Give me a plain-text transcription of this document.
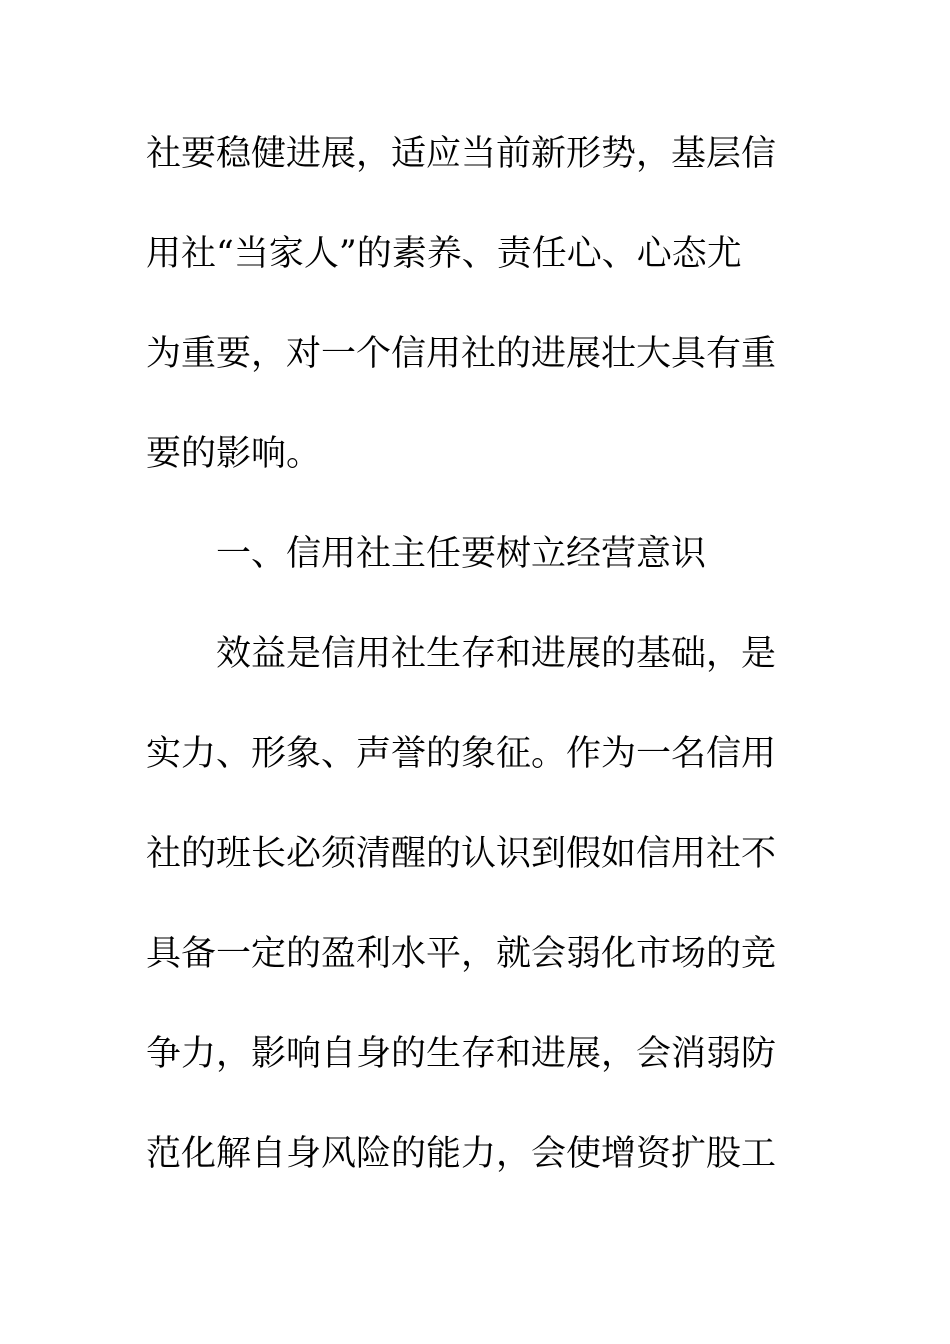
社要稳健进展，适应当前新形势，基层信
用社“当家人”的素养、责任心、心态尤
为重要，对一个信用社的进展壮大具有重
要的影响。
一、信用社主任要树立经营意识
效益是信用社生存和进展的基础，是
实力、形象、声誉的象征。作为一名信用
社的班长必须清醒的认识到假如信用社不
具备一定的盈利水平，就会弱化市场的竞
争力，影响自身的生存和进展，会消弱防
范化解自身风险的能力，会使增资扩股工
